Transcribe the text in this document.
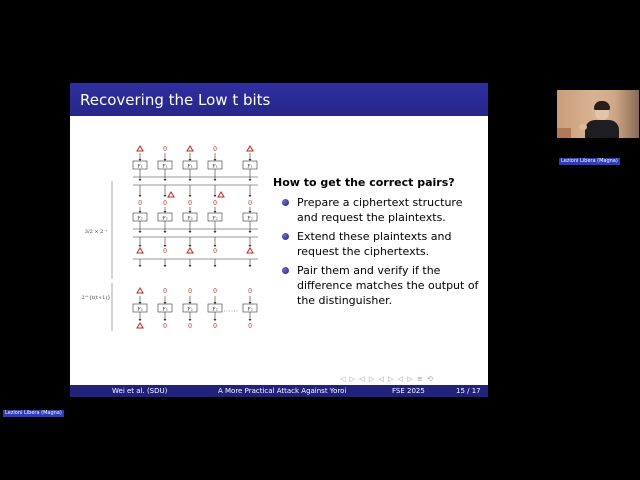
Recovering the Low t bits
F₁
0
F₁	F₁
0
F₁	F₁
0
F₂
0
F₂
0
F₂
0
F₂
0
F₂
0	0
F₂
0
F₂
0
0
F₂
0
0
F₂
0
0
F₂
0
3/2 × 2⁻ᵗ
2^{t(t+1)}
How to get the correct pairs?
Prepare a ciphertext structure and request the plaintexts.
Extend these plaintexts and request the ciphertexts.
Pair them and verify if the difference matches the output of the distinguisher.
◁ ▷ ◁ ▷ ◁ ▷ ◁ ▷ ≡ ⟲
Wei et al. (SDU)	A More Practical Attack Against Yoroi	FSE 2025	15 / 17
Lezioni Libera (Magna)
Lezioni Libera (Magna)
